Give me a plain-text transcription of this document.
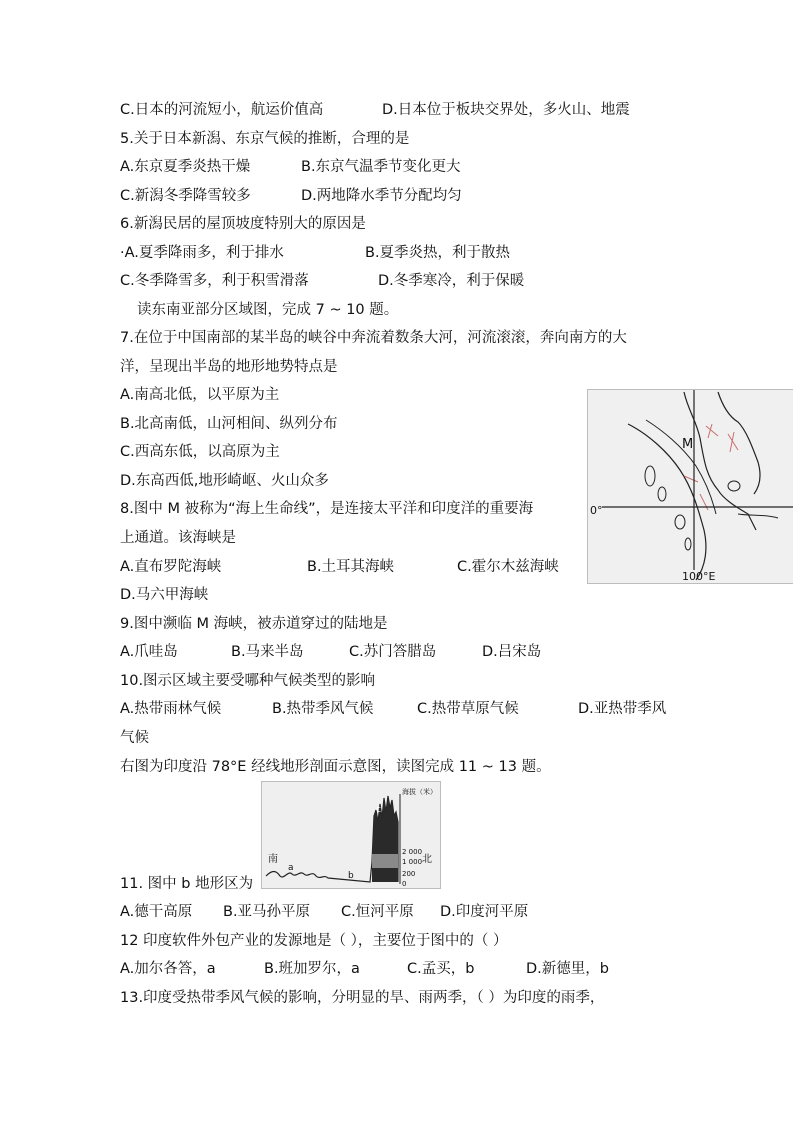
C.日本的河流短小，航运价值高	D.日本位于板块交界处，多火山、地震
5.关于日本新潟、东京气候的推断，合理的是
A.东京夏季炎热干燥	B.东京气温季节变化更大
C.新潟冬季降雪较多	D.两地降水季节分配均匀
6.新潟民居的屋顶坡度特别大的原因是
·A.夏季降雨多，利于排水	B.夏季炎热，利于散热
C.冬季降雪多，利于积雪滑落	D.冬季寒冷，利于保暖
读东南亚部分区域图，完成 7 ~ 10 题。
7.在位于中国南部的某半岛的峡谷中奔流着数条大河，河流滚滚，奔向南方的大
洋，呈现出半岛的地形地势特点是
A.南高北低，以平原为主
B.北高南低，山河相间、纵列分布
C.西高东低，以高原为主
D.东高西低,地形崎岖、火山众多
8.图中 M 被称为“海上生命线”，是连接太平洋和印度洋的重要海
上通道。该海峡是
A.直布罗陀海峡	B.土耳其海峡	C.霍尔木兹海峡
D.马六甲海峡
9.图中濒临 M 海峡，被赤道穿过的陆地是
A.爪哇岛	B.马来半岛	C.苏门答腊岛	D.吕宋岛
10.图示区域主要受哪种气候类型的影响
A.热带雨林气候	B.热带季风气候	C.热带草原气候	D.亚热带季风
气候
右图为印度沿 78°E 经线地形剖面示意图，读图完成 11 ~ 13 题。
11. 图中 b 地形区为
A.德干高原 B.亚马孙平原 C.恒河平原 D.印度河平原
12 印度软件外包产业的发源地是（ ），主要位于图中的（ ）
A.加尔各答，a	B.班加罗尔，a	C.孟买，b	D.新德里，b
13.印度受热带季风气候的影响，分明显的旱、雨两季，（ ）为印度的雨季，
M
0°
100°E
海拔（米）
2 000
1 000
200
0
南	北
a
b
c
